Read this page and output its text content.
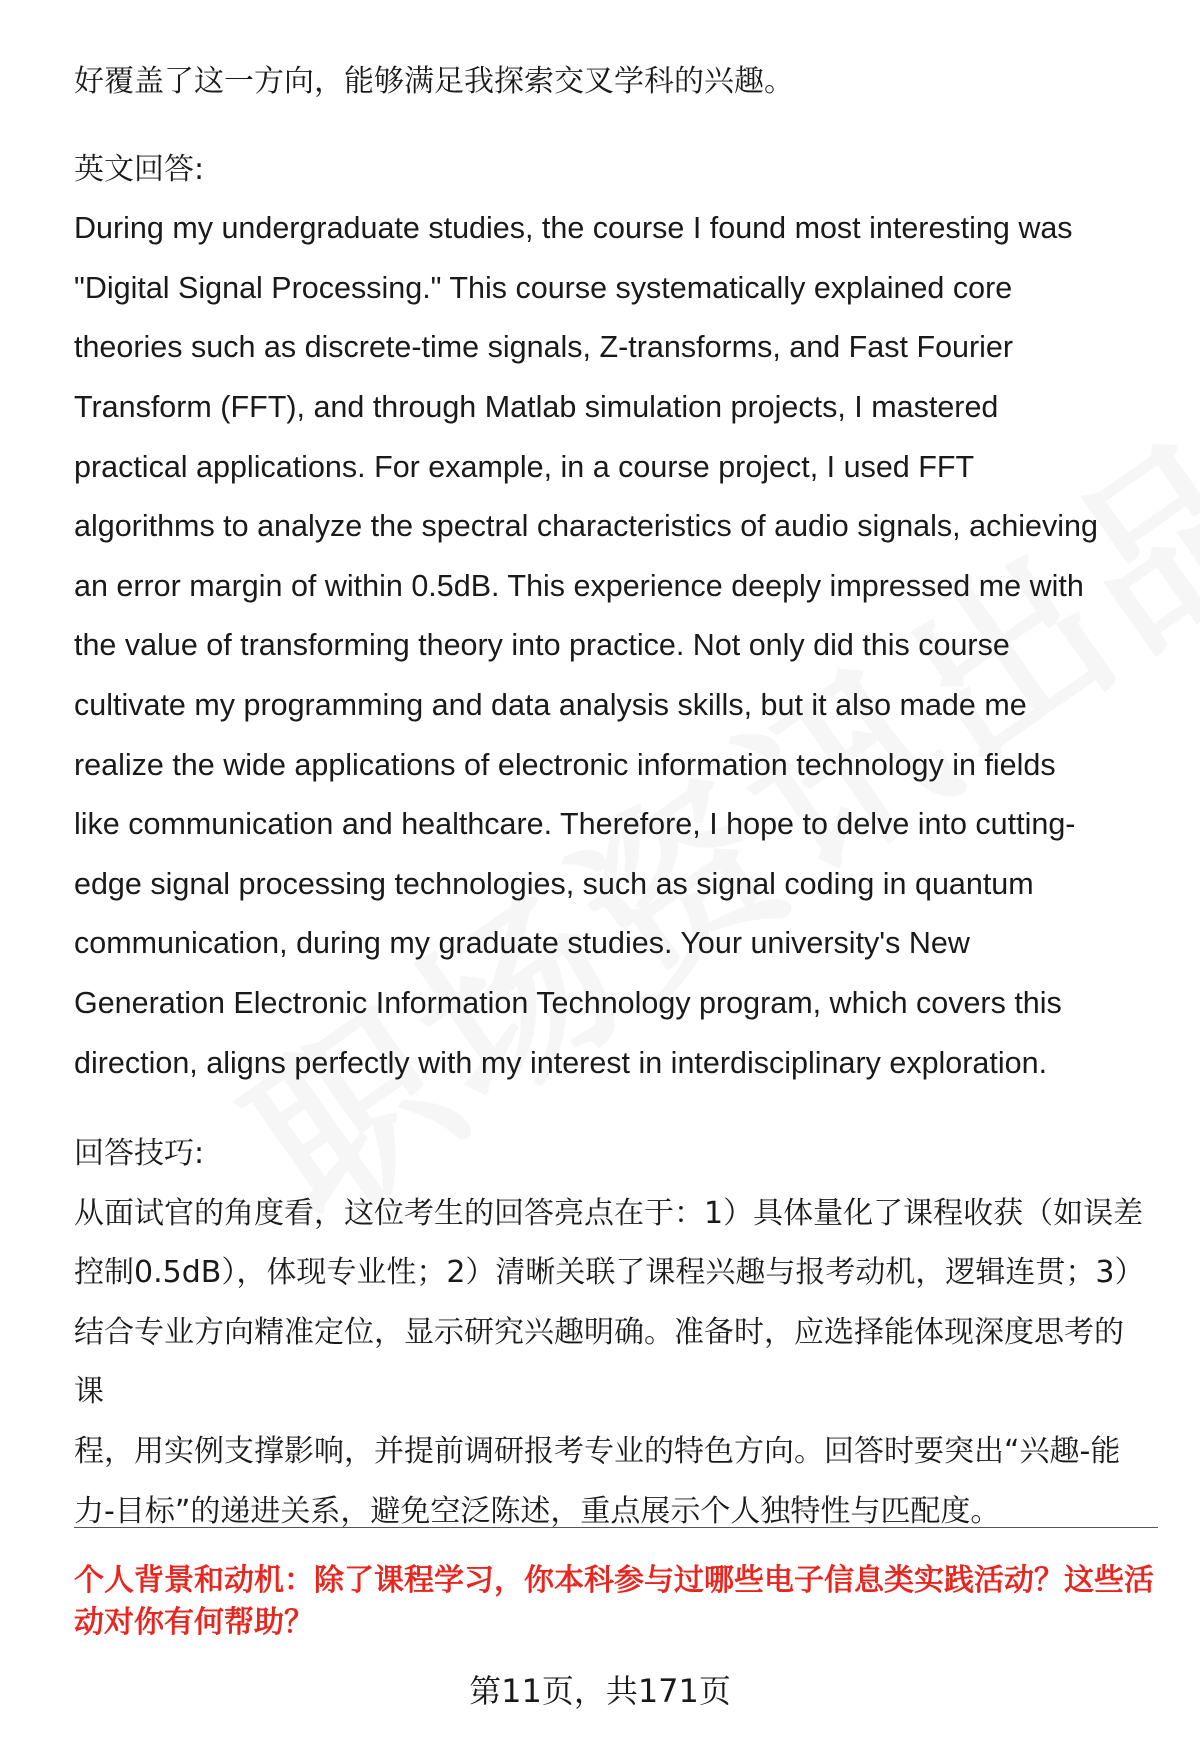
好覆盖了这一方向，能够满足我探索交叉学科的兴趣。

英文回答:

During my undergraduate studies, the course I found most interesting was

"Digital Signal Processing." This course systematically explained core

theories such as discrete-time signals, Z-transforms, and Fast Fourier

Transform (FFT), and through Matlab simulation projects, I mastered

practical applications. For example, in a course project, I used FFT

algorithms to analyze the spectral characteristics of audio signals, achieving

an error margin of within 0.5dB. This experience deeply impressed me with

the value of transforming theory into practice. Not only did this course

cultivate my programming and data analysis skills, but it also made me

realize the wide applications of electronic information technology in fields

like communication and healthcare. Therefore, I hope to delve into cutting-

edge signal processing technologies, such as signal coding in quantum

communication, during my graduate studies. Your university's New

Generation Electronic Information Technology program, which covers this

direction, aligns perfectly with my interest in interdisciplinary exploration.

回答技巧:

从面试官的角度看，这位考生的回答亮点在于：1）具体量化了课程收获（如误差

控制0.5dB），体现专业性；2）清晰关联了课程兴趣与报考动机，逻辑连贯；3）

结合专业方向精准定位，显示研究兴趣明确。准备时，应选择能体现深度思考的课

程，用实例支撑影响，并提前调研报考专业的特色方向。回答时要突出“兴趣-能

力-目标”的递进关系，避免空泛陈述，重点展示个人独特性与匹配度。

个人背景和动机：除了课程学习，你本科参与过哪些电子信息类实践活动？这些活
动对你有何帮助？
第11页，共171页
